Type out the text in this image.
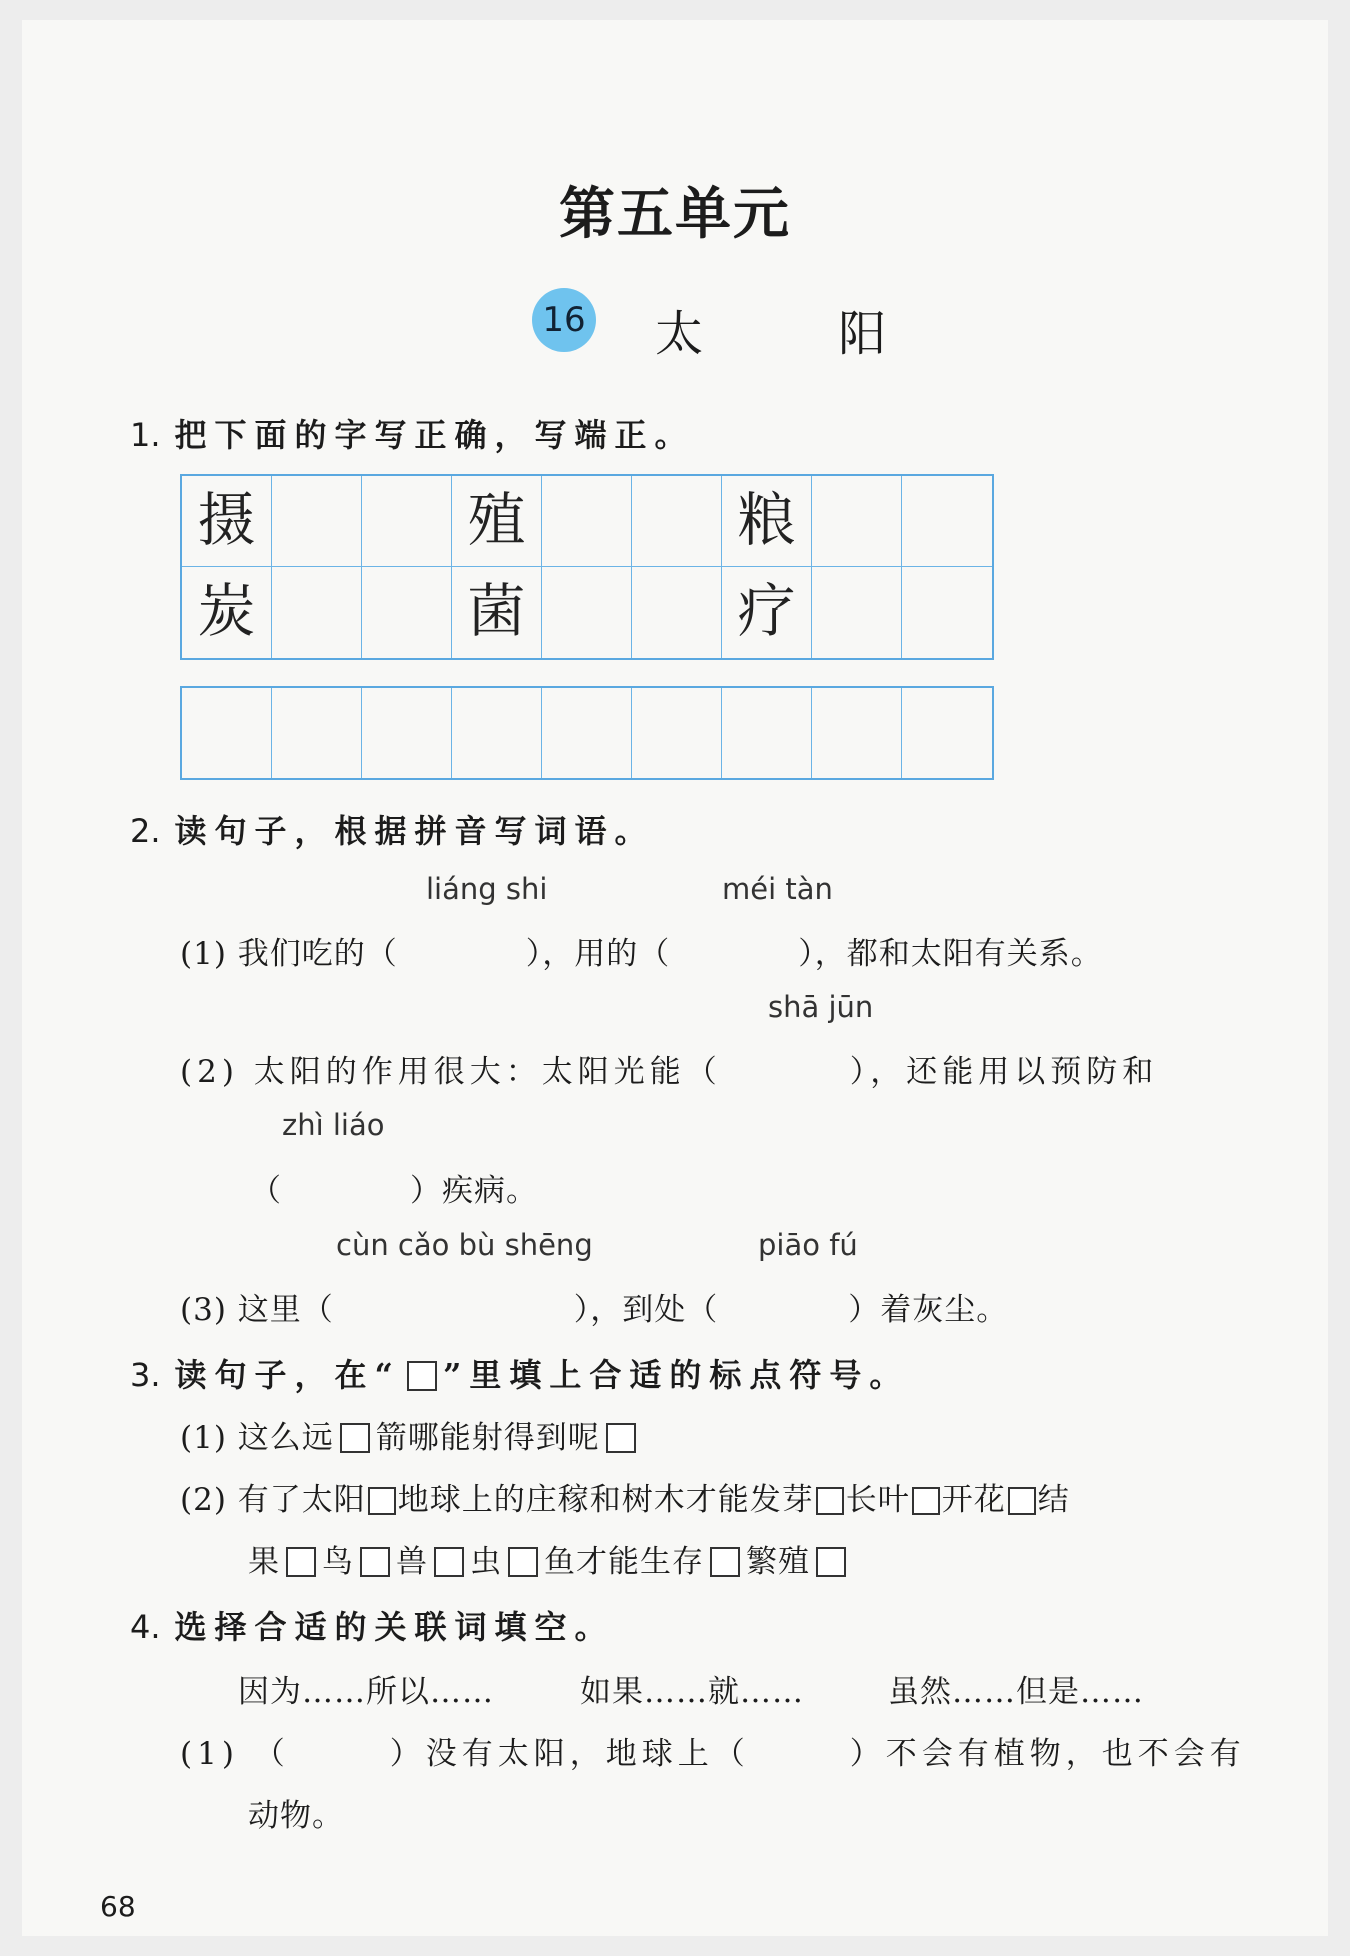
第五单元
16 太 阳
1. 把下面的字写正确，写端正。
摄	殖	粮
炭	菌	疗
2. 读句子，根据拼音写词语。
liáng shi	méi tàn
(1) 我们吃的（	），用的（	），都和太阳有关系。
shā jūn
(2) 太阳的作用很大：太阳光能（	），还能用以预防和
zhì liáo
（	）疾病。
cùn cǎo bù shēng	piāo fú
(3) 这里（	），到处（	）着灰尘。
3. 读句子，在“ ”里填上合适的标点符号。
(1) 这么远 箭哪能射得到呢
(2) 有了太阳 地球上的庄稼和树木才能发芽 长叶 开花 结
果 鸟 兽 虫 鱼才能生存 繁殖
4. 选择合适的关联词填空。
因为……所以……	如果……就……	虽然……但是……
(1) （	）没有太阳，地球上（	）不会有植物，也不会有
动物。
68
